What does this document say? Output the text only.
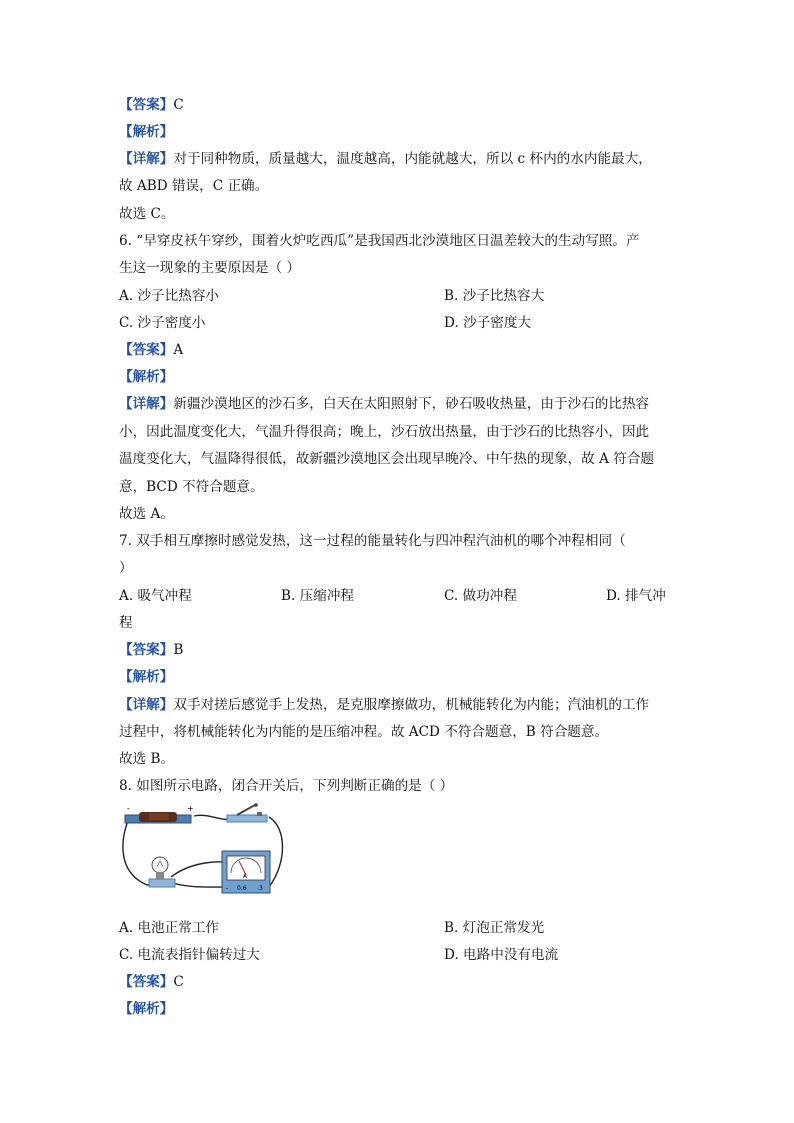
【答案】C
【解析】
【详解】对于同种物质，质量越大，温度越高，内能就越大，所以 c 杯内的水内能最大，
故 ABD 错误，C 正确。
故选 C。
6. “早穿皮袄午穿纱，围着火炉吃西瓜”是我国西北沙漠地区日温差较大的生动写照。产
生这一现象的主要原因是（ ）
A. 沙子比热容小	B. 沙子比热容大
C. 沙子密度小	D. 沙子密度大
【答案】A
【解析】
【详解】新疆沙漠地区的沙石多，白天在太阳照射下，砂石吸收热量，由于沙石的比热容
小，因此温度变化大，气温升得很高；晚上，沙石放出热量，由于沙石的比热容小，因此
温度变化大，气温降得很低，故新疆沙漠地区会出现早晚冷、中午热的现象，故 A 符合题
意，BCD 不符合题意。
故选 A。
7. 双手相互摩擦时感觉发热，这一过程的能量转化与四冲程汽油机的哪个冲程相同（
）
A. 吸气冲程	B. 压缩冲程	C. 做功冲程	D. 排气冲
程
【答案】B
【解析】
【详解】双手对搓后感觉手上发热，是克服摩擦做功，机械能转化为内能；汽油机的工作
过程中，将机械能转化为内能的是压缩冲程。故 ACD 不符合题意，B 符合题意。
故选 B。
8. 如图所示电路，闭合开关后，下列判断正确的是（ ）
-	+
A
- 0.6 3
A. 电池正常工作	B. 灯泡正常发光
C. 电流表指针偏转过大	D. 电路中没有电流
【答案】C
【解析】
